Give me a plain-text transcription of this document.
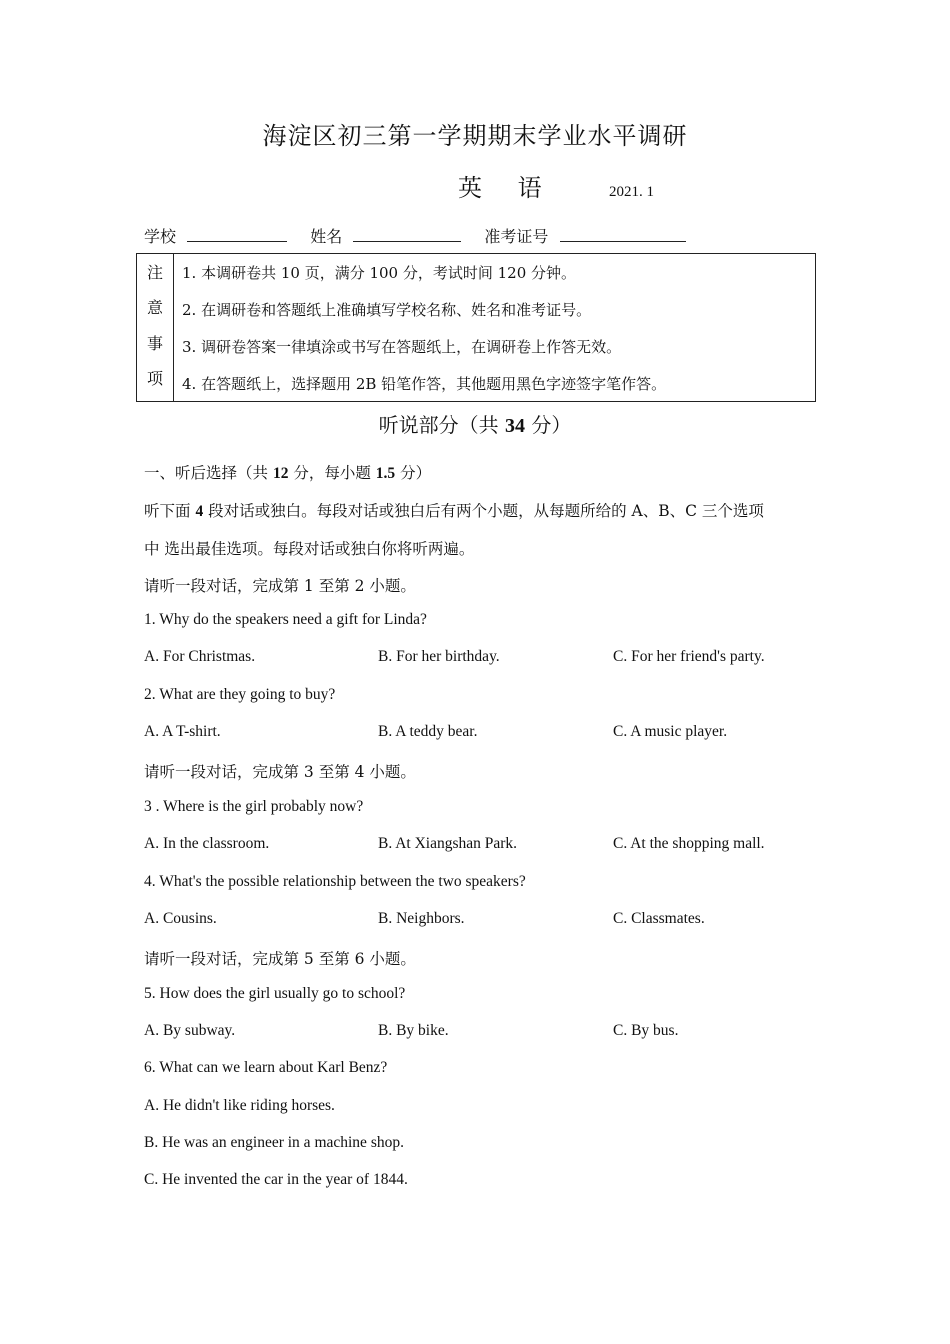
海淀区初三第一学期期末学业水平调研
英 语	2021. 1
学校	姓名	准考证号
注
意
事
项
1. 本调研卷共 10 页，满分 100 分，考试时间 120 分钟。
2. 在调研卷和答题纸上准确填写学校名称、姓名和准考证号。
3. 调研卷答案一律填涂或书写在答题纸上，在调研卷上作答无效。
4. 在答题纸上，选择题用 2B 铅笔作答，其他题用黑色字迹签字笔作答。
听说部分（共 34 分）
一、听后选择（共 12 分，每小题 1.5 分）
听下面 4 段对话或独白。每段对话或独白后有两个小题，从每题所给的 A、B、C 三个选项
中 选出最佳选项。每段对话或独白你将听两遍。
请听一段对话，完成第 1 至第 2 小题。
1. Why do the speakers need a gift for Linda?
A. For Christmas.	B. For her birthday.	C. For her friend's party.
2. What are they going to buy?
A. A T-shirt.	B. A teddy bear.	C. A music player.
请听一段对话，完成第 3 至第 4 小题。
3 . Where is the girl probably now?
A. In the classroom.	B. At Xiangshan Park.	C. At the shopping mall.
4. What's the possible relationship between the two speakers?
A. Cousins.	B. Neighbors.	C. Classmates.
请听一段对话，完成第 5 至第 6 小题。
5. How does the girl usually go to school?
A. By subway.	B. By bike.	C. By bus.
6. What can we learn about Karl Benz?
A. He didn't like riding horses.
B. He was an engineer in a machine shop.
C. He invented the car in the year of 1844.
